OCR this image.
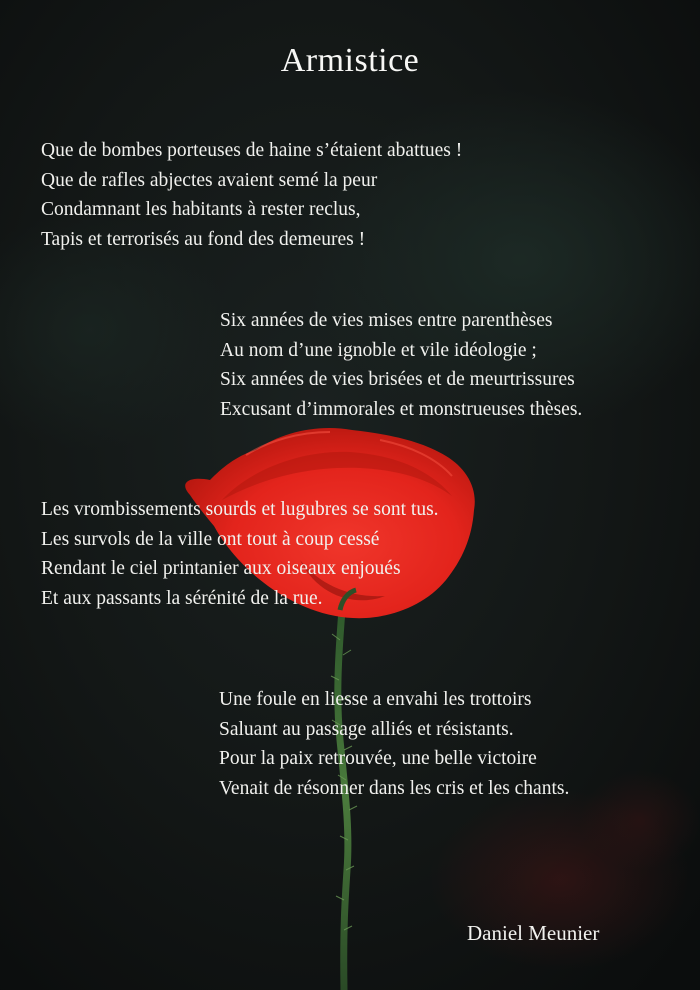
Armistice
Que de bombes porteuses de haine s’étaient abattues !
Que de rafles abjectes avaient semé la peur
Condamnant les habitants à rester reclus,
Tapis et terrorisés au fond des demeures !
Six années de vies mises entre parenthèses
Au nom d’une ignoble et vile idéologie ;
Six années de vies brisées et de meurtrissures
Excusant d’immorales et monstrueuses thèses.
Les vrombissements sourds et lugubres se sont tus.
Les survols de la ville ont tout à coup cessé
Rendant le ciel printanier aux oiseaux enjoués
Et aux passants la sérénité de la rue.
Une foule en liesse a envahi les trottoirs
Saluant au passage alliés et résistants.
Pour la paix retrouvée, une belle victoire
Venait de résonner dans les cris et les chants.
Daniel Meunier
